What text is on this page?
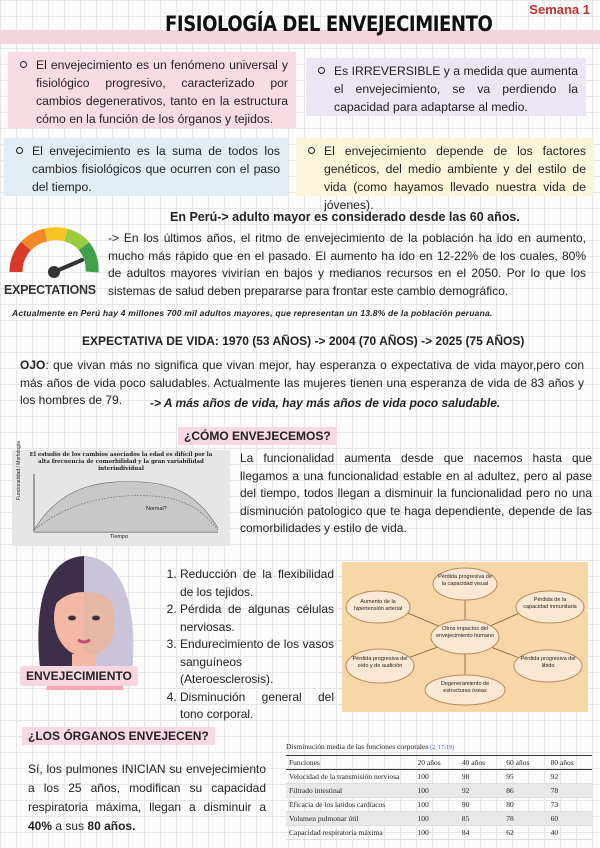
FISIOLOGÍA DEL ENVEJECIMIENTO
Semana 1
El envejecimiento es un fenómeno universal y fisiológico progresivo, caracterizado por cambios degenerativos, tanto en la estructura cómo en la función de los órganos y tejidos.
Es IRREVERSIBLE y a medida que aumenta el envejecimiento, se va perdiendo la capacidad para adaptarse al medio.
El envejecimiento es la suma de todos los cambios fisiológicos que ocurren con el paso del tiempo.
El envejecimiento depende de los factores genéticos, del medio ambiente y del estilo de vida (como hayamos llevado nuestra vida de jóvenes).
En Perú-> adulto mayor es considerado desde las 60 años.
EXPECTATIONS
-> En los últimos años, el ritmo de envejecimiento de la población ha ido en aumento, mucho más rápido que en el pasado. El aumento ha ido en 12-22% de los cuales, 80% de adultos mayores vivirían en bajos y medianos recursos en el 2050. Por lo que los sistemas de salud deben prepararse para frontar este cambio demográfico.
Actualmente en Perú hay 4 millones 700 mil adultos mayores, que representan un 13.8% de la población peruana.
EXPECTATIVA DE VIDA: 1970 (53 AÑOS) -> 2004 (70 AÑOS) -> 2025 (75 AÑOS)
OJO: que vivan más no significa que vivan mejor, hay esperanza o expectativa de vida mayor,pero con más años de vida poco saludables. Actualmente las mujeres tienen una esperanza de vida de 83 años y los hombres de 79.	-> A más años de vida, hay más años de vida poco saludable.
¿CÓMO ENVEJECEMOS?
El estudio de los cambios asociados la edad es difícil por la alta frecuencia de comorbilidad y la gran variabilidad interindividual
Funcionalidad / Morfología
Tiempo
Normal?
La funcionalidad aumenta desde que nacemos hasta que llegamos a una funcionalidad estable en al adultez, pero al pase del tiempo, todos llegan a disminuir la funcionalidad pero no una disminución patologico que te haga dependiente, depende de las comorbilidades y estilo de vida.
ENVEJECIMIENTO
1. Reducción de la flexibilidad de los tejidos.
2. Pérdida de algunas células nerviosas.
3. Endurecimiento de los vasos sanguíneos (Ateroesclerosis).
4. Disminución general del tono corporal.
Otros impactos del envejecimiento humano
Pérdida progresiva de la capacidad visual
Pérdida de la capacidad inmunitaria
Pérdida progresiva del libido
Degeneramiento de estructuras óseas
Pérdida progresiva del oído y de audición
Aumento de la hipertensión arterial
¿LOS ÓRGANOS ENVEJECEN?
Sí, los pulmones INICIAN su envejecimiento a los 25 años, modifican su capacidad respiratoria máxima, llegan a disminuir a 40% a sus 80 años.
Disminución media de las funciones corporales (2, 17-19)
Funciones	20 años	40 años	60 años	80 años
Velocidad de la transmisión nerviosa	100	98	95	92
Filtrado intestinal	100	92	86	78
Eficacia de los latidos cardíacos	100	90	80	73
Volumen pulmonar útil	100	85	78	60
Capacidad respiratoria máxima	100	84	62	40
